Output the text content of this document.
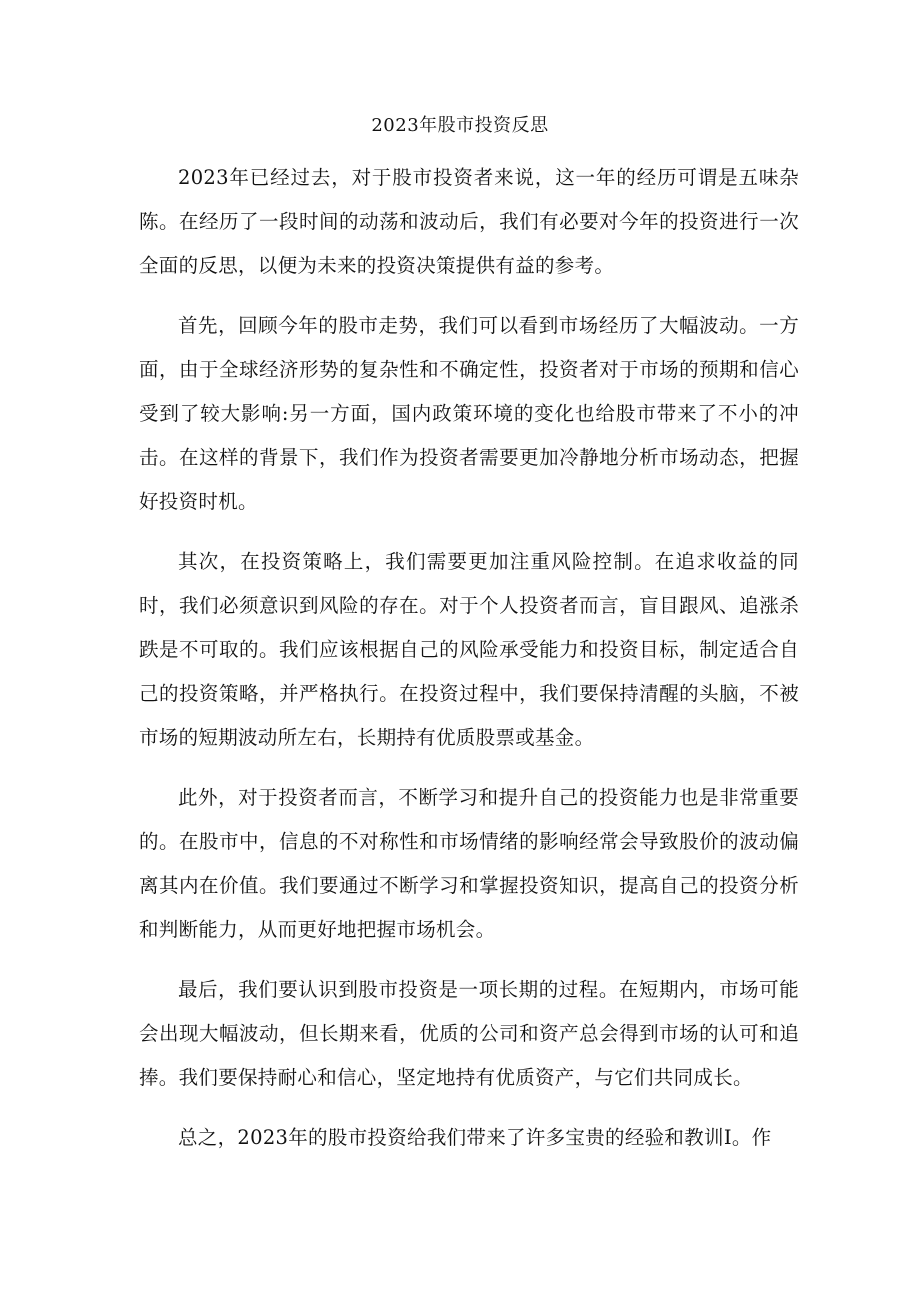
2023年股市投资反思

2023年已经过去，对于股市投资者来说，这一年的经历可谓是五味杂陈。在经历了一段时间的动荡和波动后，我们有必要对今年的投资进行一次全面的反思，以便为未来的投资决策提供有益的参考。

首先，回顾今年的股市走势，我们可以看到市场经历了大幅波动。一方面，由于全球经济形势的复杂性和不确定性，投资者对于市场的预期和信心受到了较大影响:另一方面，国内政策环境的变化也给股市带来了不小的冲击。在这样的背景下，我们作为投资者需要更加冷静地分析市场动态，把握好投资时机。

其次，在投资策略上，我们需要更加注重风险控制。在追求收益的同时，我们必须意识到风险的存在。对于个人投资者而言，盲目跟风、追涨杀跌是不可取的。我们应该根据自己的风险承受能力和投资目标，制定适合自己的投资策略，并严格执行。在投资过程中，我们要保持清醒的头脑，不被市场的短期波动所左右，长期持有优质股票或基金。

此外，对于投资者而言，不断学习和提升自己的投资能力也是非常重要的。在股市中，信息的不对称性和市场情绪的影响经常会导致股价的波动偏离其内在价值。我们要通过不断学习和掌握投资知识，提高自己的投资分析和判断能力，从而更好地把握市场机会。

最后，我们要认识到股市投资是一项长期的过程。在短期内，市场可能会出现大幅波动，但长期来看，优质的公司和资产总会得到市场的认可和追捧。我们要保持耐心和信心，坚定地持有优质资产，与它们共同成长。

总之，2023年的股市投资给我们带来了许多宝贵的经验和教训I。作
